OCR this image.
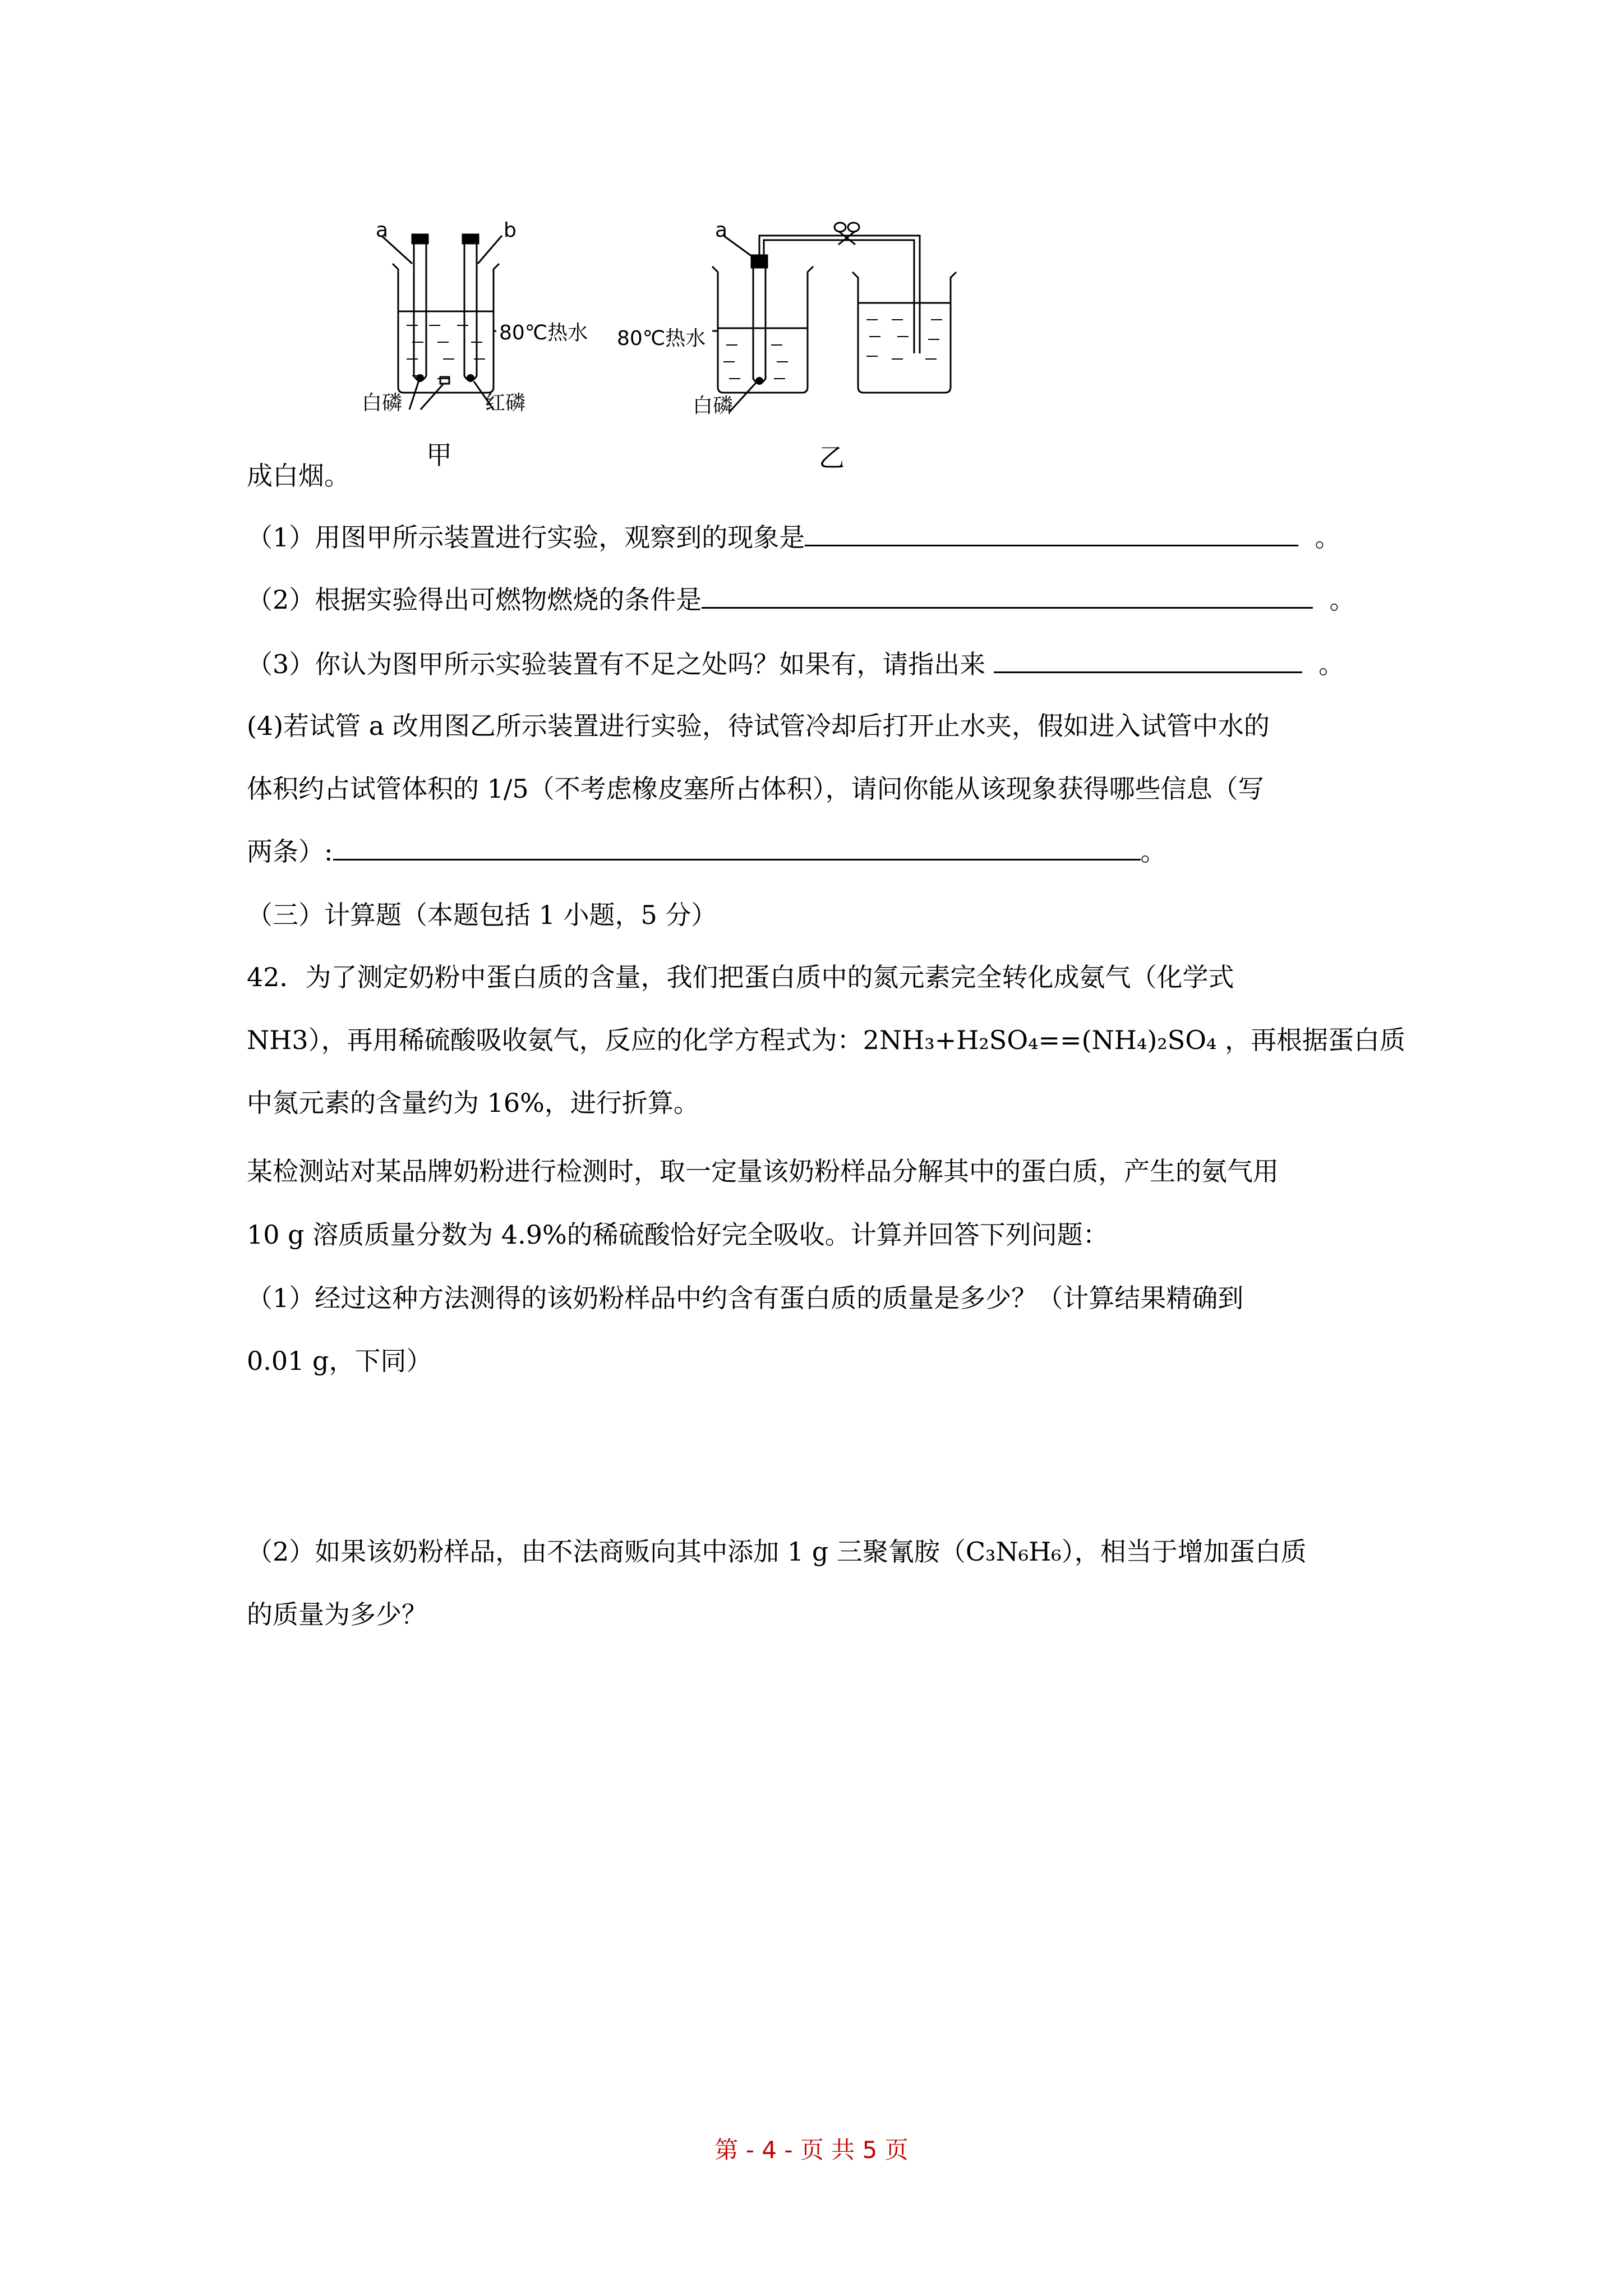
a	b
80℃热水
白磷	红磷
甲
a
80℃热水
白磷
乙
成白烟。
（1）用图甲所示装置进行实验，观察到的现象是	。
（2）根据实验得出可燃物燃烧的条件是	。
（3）你认为图甲所示实验装置有不足之处吗？如果有，请指出来	。
(4)若试管 a 改用图乙所示装置进行实验，待试管冷却后打开止水夹，假如进入试管中水的
体积约占试管体积的 1/5（不考虑橡皮塞所占体积），请问你能从该现象获得哪些信息（写
两条）:	。
（三）计算题（本题包括 1 小题，5 分）
42．为了测定奶粉中蛋白质的含量，我们把蛋白质中的氮元素完全转化成氨气（化学式
NH3），再用稀硫酸吸收氨气，反应的化学方程式为：2NH₃+H₂SO₄==(NH₄)₂SO₄ ，再根据蛋白质
中氮元素的含量约为 16%，进行折算。
某检测站对某品牌奶粉进行检测时，取一定量该奶粉样品分解其中的蛋白质，产生的氨气用
10 g 溶质质量分数为 4.9%的稀硫酸恰好完全吸收。计算并回答下列问题：
（1）经过这种方法测得的该奶粉样品中约含有蛋白质的质量是多少？（计算结果精确到
0.01 g，下同）
（2）如果该奶粉样品，由不法商贩向其中添加 1 g 三聚氰胺（C₃N₆H₆），相当于增加蛋白质
的质量为多少？
第 - 4 - 页 共 5 页
